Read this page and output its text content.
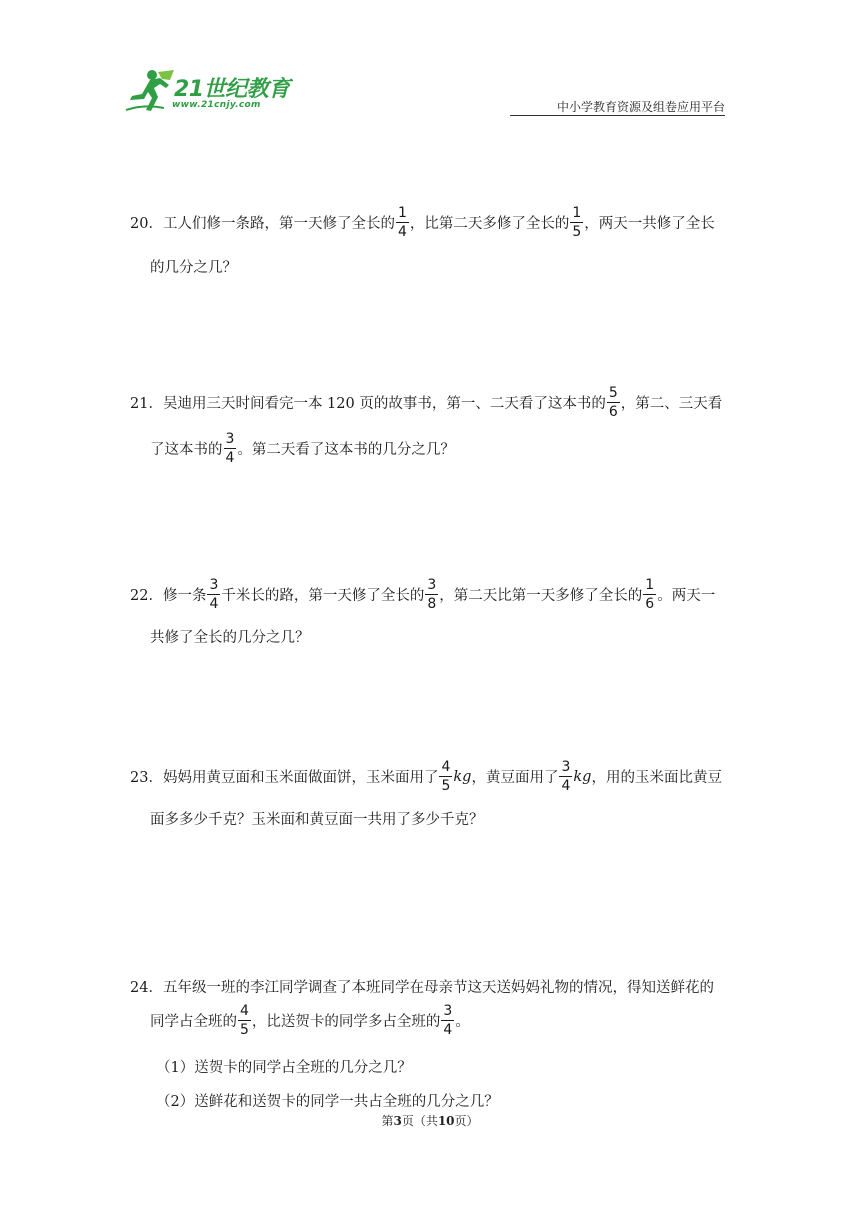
21世纪教育
www.21cnjy.com	中小学教育资源及组卷应用平台
20． 工人们修一条路，第一天修了全长的 $\frac{1}{4}$ ，比第二天多修了全长的 $\frac{1}{5}$ ，两天一共修了全长
的几分之几？
21． 吴迪用三天时间看完一本 120 页的故事书，第一、二天看了这本书的 $\frac{5}{6}$ ，第二、三天看
了这本书的 $\frac{3}{4}$ 。第二天看了这本书的几分之几？
22． 修一条 $\frac{3}{4}$ 千米长的路，第一天修了全长的 $\frac{3}{8}$ ，第二天比第一天多修了全长的 $\frac{1}{6}$ 。两天一
共修了全长的几分之几？
23． 妈妈用黄豆面和玉米面做面饼，玉米面用了 $\frac{4}{5}$ kg ，黄豆面用了 $\frac{3}{4}$ kg ，用的玉米面比黄豆
面多多少千克？玉米面和黄豆面一共用了多少千克？
24． 五年级一班的李江同学调查了本班同学在母亲节这天送妈妈礼物的情况，得知送鲜花的
同学占全班的 $\frac{4}{5}$ ，比送贺卡的同学多占全班的 $\frac{3}{4}$ 。
（1）送贺卡的同学占全班的几分之几？
（2）送鲜花和送贺卡的同学一共占全班的几分之几？
第3页（共10页）
